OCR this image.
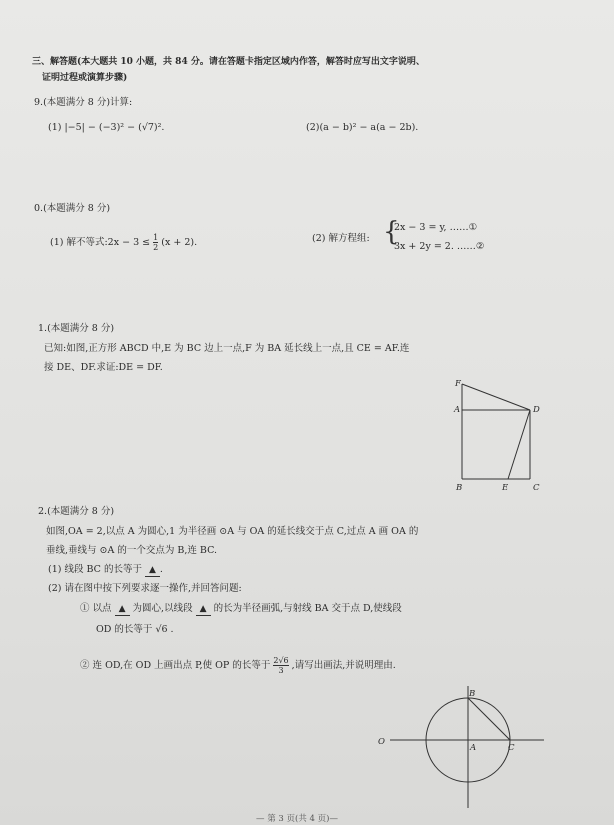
三、解答题(本大题共 10 小题，共 84 分。请在答题卡指定区域内作答，解答时应写出文字说明、
证明过程或演算步骤)
9.(本题满分 8 分)计算:
(1) |−5| − (−3)² − (√7)².	(2)(a − b)² − a(a − 2b).
0.(本题满分 8 分)
(1) 解不等式:2x − $3 \le \frac{1}{2} (x + 2)$.	(2) 解方程组: {
2x − 3 = y, ……①
3x + 2y = 2. ……②
1.(本题满分 8 分)
已知:如图,正方形 ABCD 中,E 为 BC 边上一点,F 为 BA 延长线上一点,且 CE = AF.连
接 DE、DF.求证:DE = DF.
F
A	D
B	E	C
2.(本题满分 8 分)
如图,OA = 2,以点 A 为圆心,1 为半径画 ⊙A 与 OA 的延长线交于点 C,过点 A 画 OA 的
垂线,垂线与 ⊙A 的一个交点为 B,连 BC.
(1) 线段 BC 的长等于 ▲ .
(2) 请在图中按下列要求逐一操作,并回答问题:
① 以点 ▲ 为圆心,以线段 ▲ 的长为半径画弧,与射线 BA 交于点 D,使线段
OD 的长等于 √6 .
② 连 OD,在 OD 上画出点 P,使 OP 的长等于 $\frac{2√6}{3}$ ,请写出画法,并说明理由.
O
A
B
C
— 第 3 页(共 4 页)—
